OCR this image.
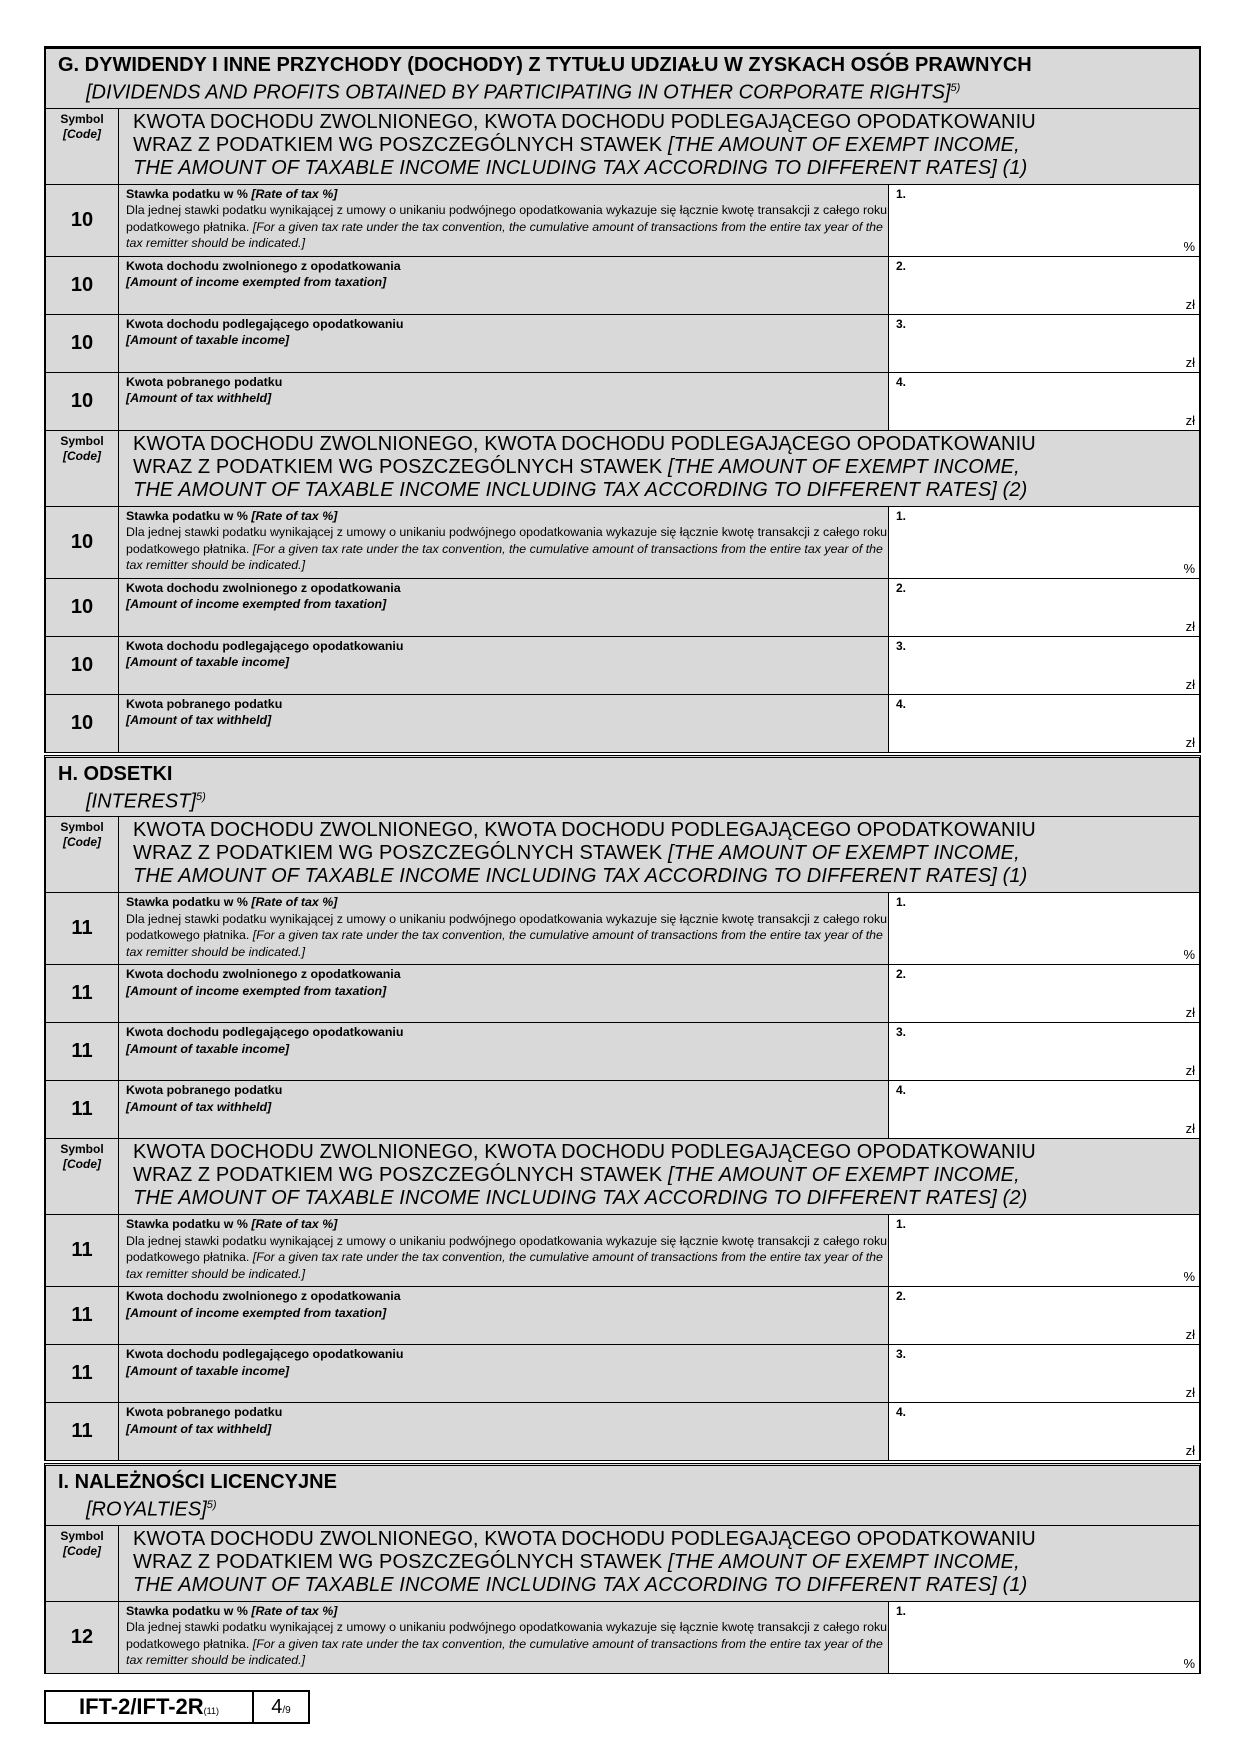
G. DYWIDENDY I INNE PRZYCHODY (DOCHODY) Z TYTUŁU UDZIAŁU W ZYSKACH OSÓB PRAWNYCH
[DIVIDENDS AND PROFITS OBTAINED BY PARTICIPATING IN OTHER CORPORATE RIGHTS]$^{5)}$
Symbol
[Code]
KWOTA DOCHODU ZWOLNIONEGO, KWOTA DOCHODU PODLEGAJĄCEGO OPODATKOWANIU
WRAZ Z PODATKIEM WG POSZCZEGÓLNYCH STAWEK [THE AMOUNT OF EXEMPT INCOME,
THE AMOUNT OF TAXABLE INCOME INCLUDING TAX ACCORDING TO DIFFERENT RATES] (1)
10
Stawka podatku w % [Rate of tax %]
Dla jednej stawki podatku wynikającej z umowy o unikaniu podwójnego opodatkowania wykazuje się łącznie kwotę transakcji z całego roku podatkowego płatnika. [For a given tax rate under the tax convention, the cumulative amount of transactions from the entire tax year of the tax remitter should be indicated.]
1.
%
10
Kwota dochodu zwolnionego z opodatkowania
[Amount of income exempted from taxation]
2.
zł
10
Kwota dochodu podlegającego opodatkowaniu
[Amount of taxable income]
3.
zł
10
Kwota pobranego podatku
[Amount of tax withheld]
4.
zł
Symbol
[Code]
KWOTA DOCHODU ZWOLNIONEGO, KWOTA DOCHODU PODLEGAJĄCEGO OPODATKOWANIU
WRAZ Z PODATKIEM WG POSZCZEGÓLNYCH STAWEK [THE AMOUNT OF EXEMPT INCOME,
THE AMOUNT OF TAXABLE INCOME INCLUDING TAX ACCORDING TO DIFFERENT RATES] (2)
10
Stawka podatku w % [Rate of tax %]
Dla jednej stawki podatku wynikającej z umowy o unikaniu podwójnego opodatkowania wykazuje się łącznie kwotę transakcji z całego roku podatkowego płatnika. [For a given tax rate under the tax convention, the cumulative amount of transactions from the entire tax year of the tax remitter should be indicated.]
1.
%
10
Kwota dochodu zwolnionego z opodatkowania
[Amount of income exempted from taxation]
2.
zł
10
Kwota dochodu podlegającego opodatkowaniu
[Amount of taxable income]
3.
zł
10
Kwota pobranego podatku
[Amount of tax withheld]
4.
zł
H. ODSETKI
[INTEREST]$^{5)}$
Symbol
[Code]
KWOTA DOCHODU ZWOLNIONEGO, KWOTA DOCHODU PODLEGAJĄCEGO OPODATKOWANIU
WRAZ Z PODATKIEM WG POSZCZEGÓLNYCH STAWEK [THE AMOUNT OF EXEMPT INCOME,
THE AMOUNT OF TAXABLE INCOME INCLUDING TAX ACCORDING TO DIFFERENT RATES] (1)
11
Stawka podatku w % [Rate of tax %]
Dla jednej stawki podatku wynikającej z umowy o unikaniu podwójnego opodatkowania wykazuje się łącznie kwotę transakcji z całego roku podatkowego płatnika. [For a given tax rate under the tax convention, the cumulative amount of transactions from the entire tax year of the tax remitter should be indicated.]
1.
%
11
Kwota dochodu zwolnionego z opodatkowania
[Amount of income exempted from taxation]
2.
zł
11
Kwota dochodu podlegającego opodatkowaniu
[Amount of taxable income]
3.
zł
11
Kwota pobranego podatku
[Amount of tax withheld]
4.
zł
Symbol
[Code]
KWOTA DOCHODU ZWOLNIONEGO, KWOTA DOCHODU PODLEGAJĄCEGO OPODATKOWANIU
WRAZ Z PODATKIEM WG POSZCZEGÓLNYCH STAWEK [THE AMOUNT OF EXEMPT INCOME,
THE AMOUNT OF TAXABLE INCOME INCLUDING TAX ACCORDING TO DIFFERENT RATES] (2)
11
Stawka podatku w % [Rate of tax %]
Dla jednej stawki podatku wynikającej z umowy o unikaniu podwójnego opodatkowania wykazuje się łącznie kwotę transakcji z całego roku podatkowego płatnika. [For a given tax rate under the tax convention, the cumulative amount of transactions from the entire tax year of the tax remitter should be indicated.]
1.
%
11
Kwota dochodu zwolnionego z opodatkowania
[Amount of income exempted from taxation]
2.
zł
11
Kwota dochodu podlegającego opodatkowaniu
[Amount of taxable income]
3.
zł
11
Kwota pobranego podatku
[Amount of tax withheld]
4.
zł
I. NALEŻNOŚCI LICENCYJNE
[ROYALTIES]$^{5)}$
Symbol
[Code]
KWOTA DOCHODU ZWOLNIONEGO, KWOTA DOCHODU PODLEGAJĄCEGO OPODATKOWANIU
WRAZ Z PODATKIEM WG POSZCZEGÓLNYCH STAWEK [THE AMOUNT OF EXEMPT INCOME,
THE AMOUNT OF TAXABLE INCOME INCLUDING TAX ACCORDING TO DIFFERENT RATES] (1)
12
Stawka podatku w % [Rate of tax %]
Dla jednej stawki podatku wynikającej z umowy o unikaniu podwójnego opodatkowania wykazuje się łącznie kwotę transakcji z całego roku podatkowego płatnika. [For a given tax rate under the tax convention, the cumulative amount of transactions from the entire tax year of the tax remitter should be indicated.]
1.
%
IFT-2/IFT-2R(11)	4/9
